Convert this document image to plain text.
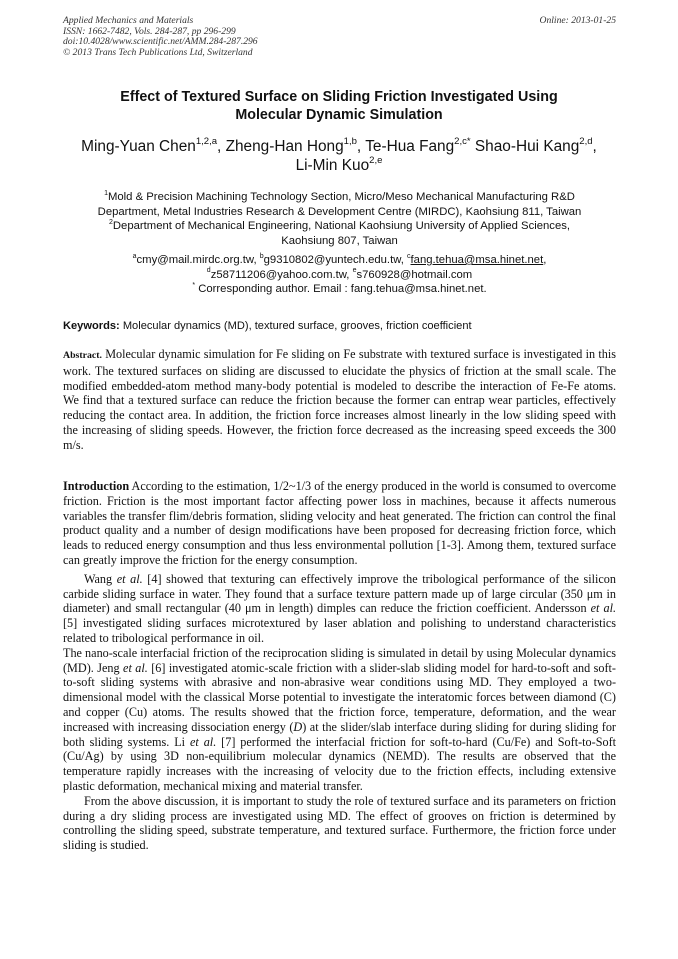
Applied Mechanics and Materials
ISSN: 1662-7482, Vols. 284-287, pp 296-299
doi:10.4028/www.scientific.net/AMM.284-287.296
© 2013 Trans Tech Publications Ltd, Switzerland
Online: 2013-01-25
Effect of Textured Surface on Sliding Friction Investigated Using
Molecular Dynamic Simulation
Ming-Yuan Chen$^{1,2,a}$, Zheng-Han Hong$^{1,b}$, Te-Hua Fang$^{2,c*}$ Shao-Hui Kang$^{2,d}$,
Li-Min Kuo$^{2,e}$
$^1$Mold & Precision Machining Technology Section, Micro/Meso Mechanical Manufacturing R&D
Department, Metal Industries Research & Development Centre (MIRDC), Kaohsiung 811, Taiwan
$^2$Department of Mechanical Engineering, National Kaohsiung University of Applied Sciences,
Kaohsiung 807, Taiwan
$^a$cmy@mail.mirdc.org.tw, $^b$g9310802@yuntech.edu.tw, $^c$fang.tehua@msa.hinet.net,
$^d$z58711206@yahoo.com.tw, $^e$s760928@hotmail.com
* Corresponding author. Email : fang.tehua@msa.hinet.net.
Keywords: Molecular dynamics (MD), textured surface, grooves, friction coefficient
Abstract. Molecular dynamic simulation for Fe sliding on Fe substrate with textured surface is investigated in this work. The textured surfaces on sliding are discussed to elucidate the physics of friction at the small scale. The modified embedded-atom method many-body potential is modeled to describe the interaction of Fe-Fe atoms. We find that a textured surface can reduce the friction because the former can entrap wear particles, effectively reducing the contact area. In addition, the friction force increases almost linearly in the low sliding speed with the increasing of sliding speeds. However, the friction force decreased as the increasing speed exceeds the 300 m/s.

Introduction According to the estimation, 1/2~1/3 of the energy produced in the world is consumed to overcome friction. Friction is the most important factor affecting power loss in machines, because it affects numerous variables the transfer flim/debris formation, sliding velocity and heat generated. The friction can control the final product quality and a number of design modifications have been proposed for decreasing friction force, which leads to reduced energy consumption and thus less environmental pollution [1-3]. Among them, textured surface can greatly improve the friction for the energy consumption.

Wang et al. [4] showed that texturing can effectively improve the tribological performance of the silicon carbide sliding surface in water. They found that a surface texture pattern made up of large circular (350 μm in diameter) and small rectangular (40 μm in length) dimples can reduce the friction coefficient. Andersson et al. [5] investigated sliding surfaces microtextured by laser ablation and polishing to understand characteristics related to tribological performance in oil.

The nano-scale interfacial friction of the reciprocation sliding is simulated in detail by using Molecular dynamics (MD). Jeng et al. [6] investigated atomic-scale friction with a slider-slab sliding model for hard-to-soft and soft-to-soft sliding systems with abrasive and non-abrasive wear conditions using MD. They employed a two-dimensional model with the classical Morse potential to investigate the interatomic forces between diamond (C) and copper (Cu) atoms. The results showed that the friction force, temperature, deformation, and the wear increased with increasing dissociation energy (D) at the slider/slab interface during sliding for during sliding for both sliding systems. Li et al. [7] performed the interfacial friction for soft-to-hard (Cu/Fe) and Soft-to-Soft (Cu/Ag) by using 3D non-equilibrium molecular dynamics (NEMD). The results are observed that the temperature rapidly increases with the increasing of velocity due to the friction effects, including extensive plastic deformation, mechanical mixing and material transfer.

From the above discussion, it is important to study the role of textured surface and its parameters on friction during a dry sliding process are investigated using MD. The effect of grooves on friction is determined by controlling the sliding speed, substrate temperature, and textured surface. Furthermore, the friction force under sliding is studied.
